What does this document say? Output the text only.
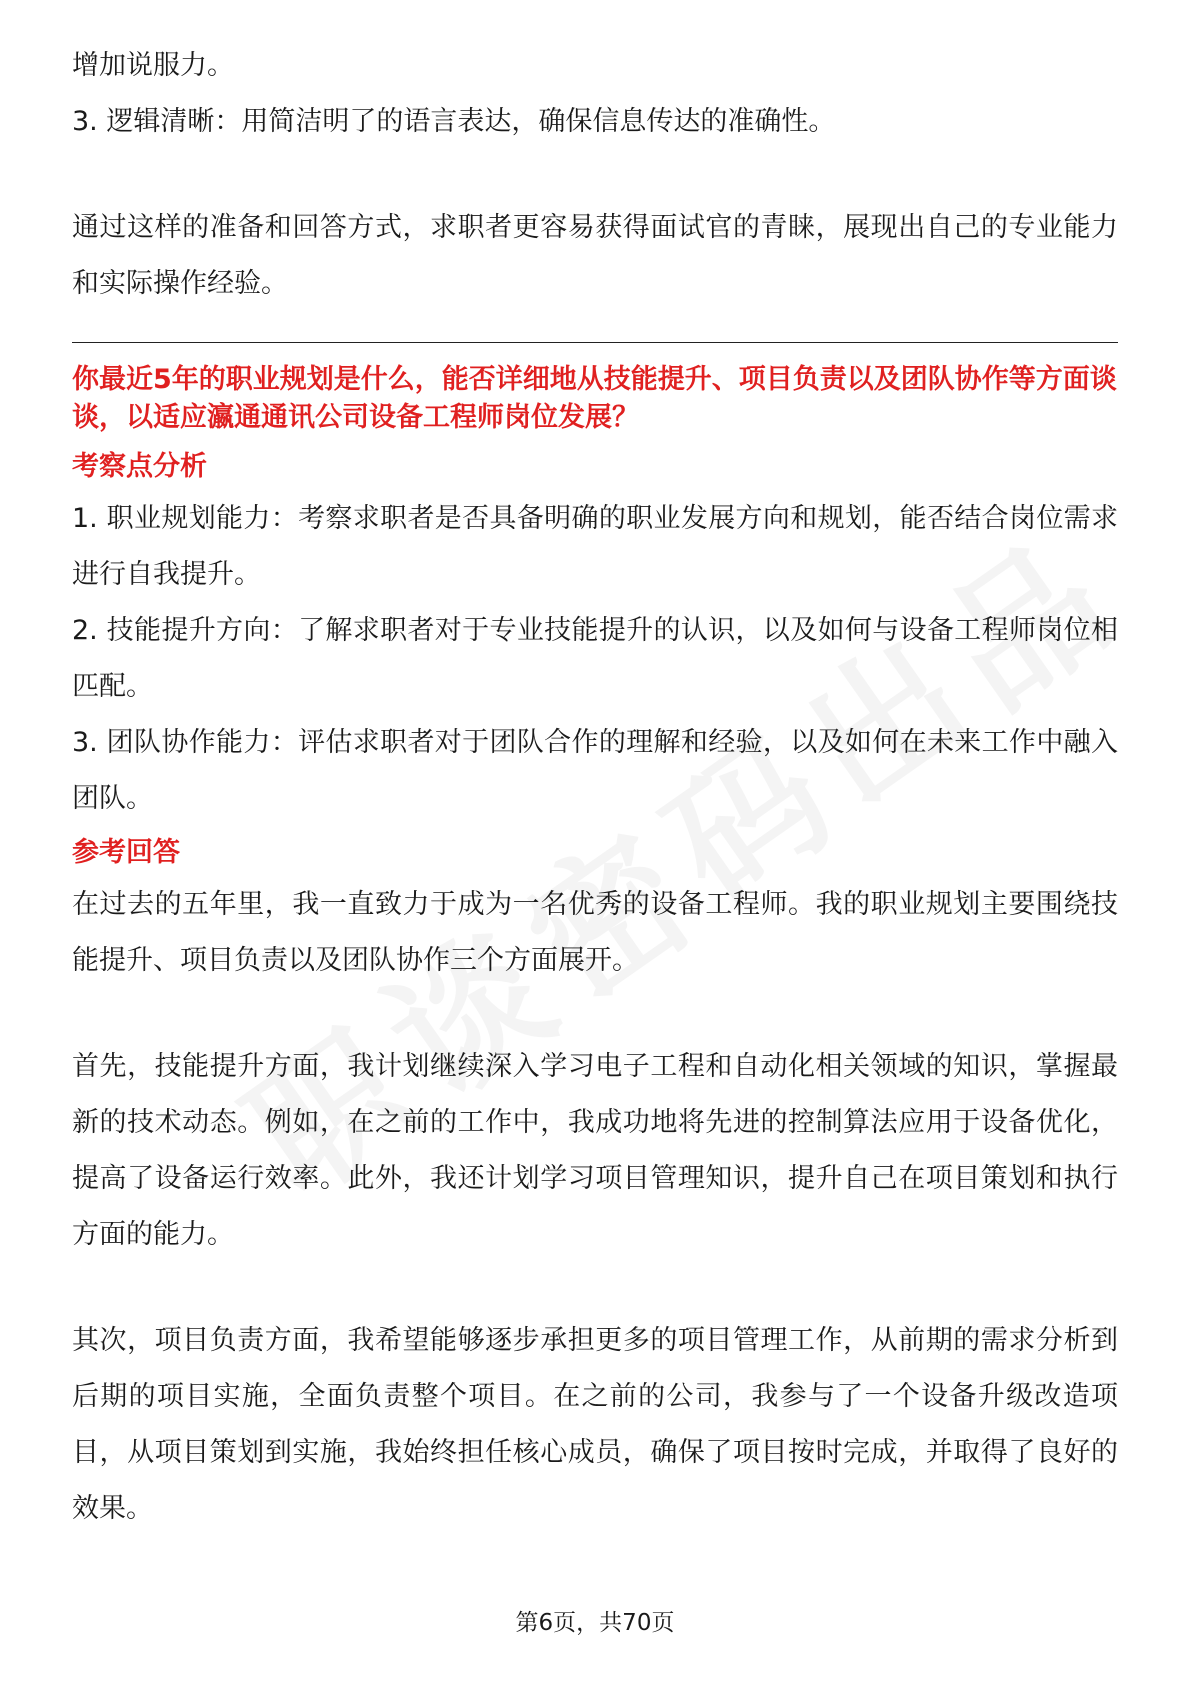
增加说服力。

3. 逻辑清晰：用简洁明了的语言表达，确保信息传达的准确性。

通过这样的准备和回答方式，求职者更容易获得面试官的青睐，展现出自己的专业能力和实际操作经验。

你最近5年的职业规划是什么，能否详细地从技能提升、项目负责以及团队协作等方面谈谈，以适应瀛通通讯公司设备工程师岗位发展？

考察点分析

1. 职业规划能力：考察求职者是否具备明确的职业发展方向和规划，能否结合岗位需求进行自我提升。

2. 技能提升方向：了解求职者对于专业技能提升的认识，以及如何与设备工程师岗位相匹配。

3. 团队协作能力：评估求职者对于团队合作的理解和经验，以及如何在未来工作中融入团队。

参考回答

在过去的五年里，我一直致力于成为一名优秀的设备工程师。我的职业规划主要围绕技能提升、项目负责以及团队协作三个方面展开。

首先，技能提升方面，我计划继续深入学习电子工程和自动化相关领域的知识，掌握最新的技术动态。例如，在之前的工作中，我成功地将先进的控制算法应用于设备优化，提高了设备运行效率。此外，我还计划学习项目管理知识，提升自己在项目策划和执行方面的能力。

其次，项目负责方面，我希望能够逐步承担更多的项目管理工作，从前期的需求分析到后期的项目实施，全面负责整个项目。在之前的公司，我参与了一个设备升级改造项目，从项目策划到实施，我始终担任核心成员，确保了项目按时完成，并取得了良好的效果。

第6页，共70页
